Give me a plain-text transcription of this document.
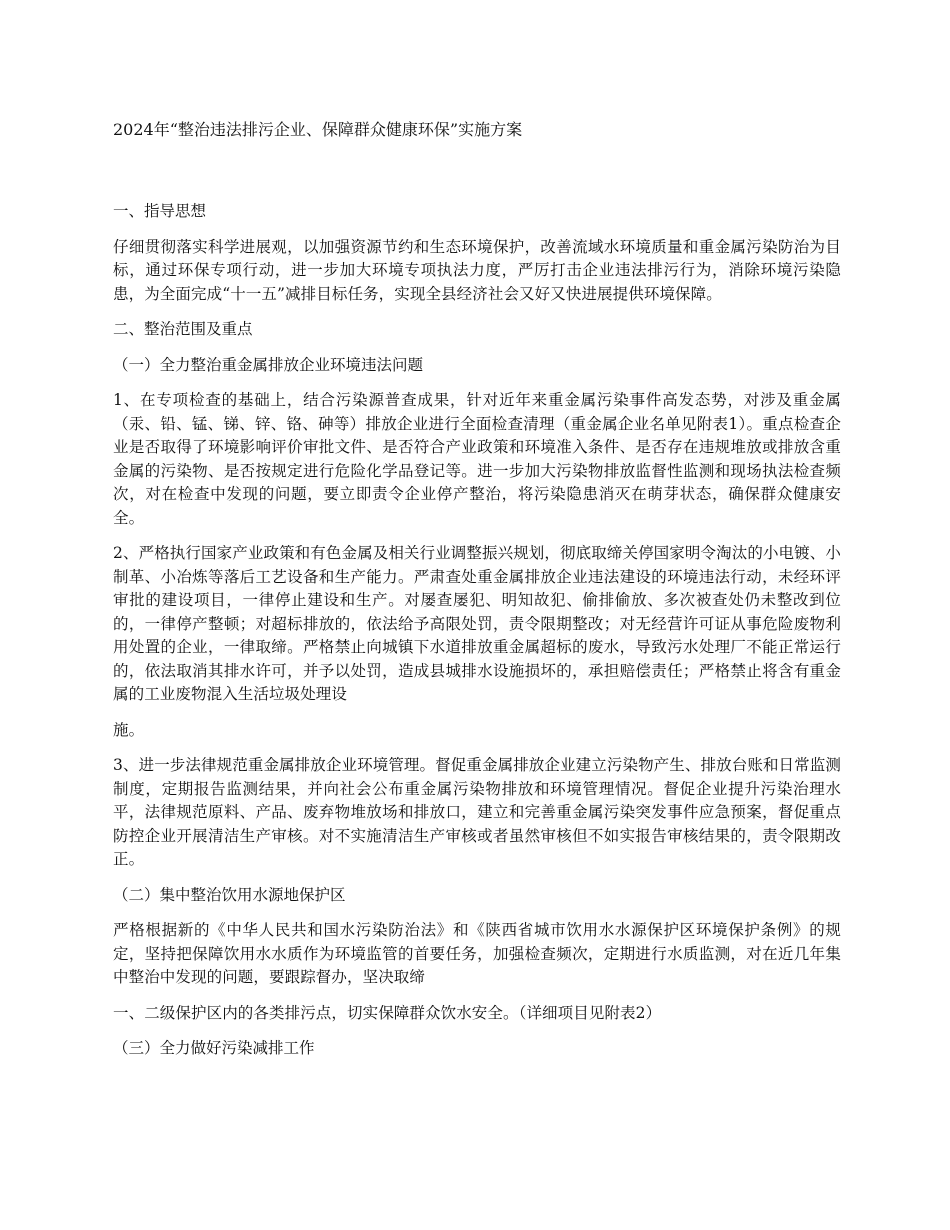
2024年“整治违法排污企业、保障群众健康环保”实施方案
一、指导思想
仔细贯彻落实科学进展观，以加强资源节约和生态环境保护，改善流域水环境质量和重金属污染防治为目标，通过环保专项行动，进一步加大环境专项执法力度，严厉打击企业违法排污行为，消除环境污染隐患，为全面完成“十一五”减排目标任务，实现全县经济社会又好又快进展提供环境保障。
二、整治范围及重点
（一）全力整治重金属排放企业环境违法问题
1、在专项检查的基础上，结合污染源普查成果，针对近年来重金属污染事件高发态势，对涉及重金属（汞、铅、锰、锑、锌、铬、砷等）排放企业进行全面检查清理（重金属企业名单见附表1）。重点检查企业是否取得了环境影响评价审批文件、是否符合产业政策和环境准入条件、是否存在违规堆放或排放含重金属的污染物、是否按规定进行危险化学品登记等。进一步加大污染物排放监督性监测和现场执法检查频次，对在检查中发现的问题，要立即责令企业停产整治，将污染隐患消灭在萌芽状态，确保群众健康安全。
2、严格执行国家产业政策和有色金属及相关行业调整振兴规划，彻底取缔关停国家明令淘汰的小电镀、小制革、小冶炼等落后工艺设备和生产能力。严肃查处重金属排放企业违法建设的环境违法行动，未经环评审批的建设项目，一律停止建设和生产。对屡查屡犯、明知故犯、偷排偷放、多次被查处仍未整改到位的，一律停产整顿；对超标排放的，依法给予高限处罚，责令限期整改；对无经营许可证从事危险废物利用处置的企业，一律取缔。严格禁止向城镇下水道排放重金属超标的废水，导致污水处理厂不能正常运行的，依法取消其排水许可，并予以处罚，造成县城排水设施损坏的，承担赔偿责任；严格禁止将含有重金属的工业废物混入生活垃圾处理设
施。
3、进一步法律规范重金属排放企业环境管理。督促重金属排放企业建立污染物产生、排放台账和日常监测制度，定期报告监测结果，并向社会公布重金属污染物排放和环境管理情况。督促企业提升污染治理水平，法律规范原料、产品、废弃物堆放场和排放口，建立和完善重金属污染突发事件应急预案，督促重点防控企业开展清洁生产审核。对不实施清洁生产审核或者虽然审核但不如实报告审核结果的，责令限期改正。
（二）集中整治饮用水源地保护区
严格根据新的《中华人民共和国水污染防治法》和《陕西省城市饮用水水源保护区环境保护条例》的规定，坚持把保障饮用水水质作为环境监管的首要任务，加强检查频次，定期进行水质监测，对在近几年集中整治中发现的问题，要跟踪督办，坚决取缔
一、二级保护区内的各类排污点，切实保障群众饮水安全。（详细项目见附表2）
（三）全力做好污染减排工作
